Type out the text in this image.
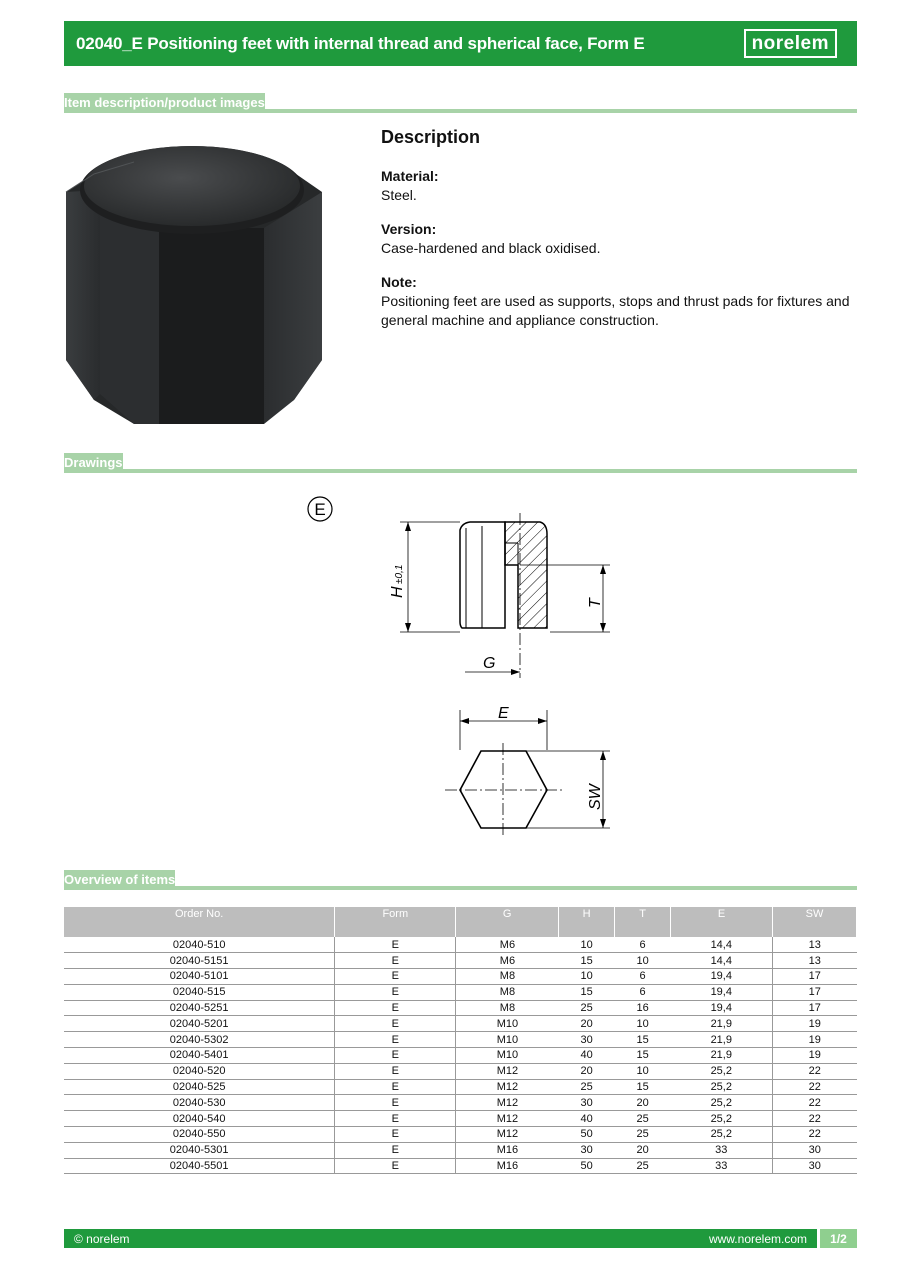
02040_E Positioning feet with internal thread and spherical face, Form E	norelem
Item description/product images
Description
Material:
Steel.
Version:
Case-hardened and black oxidised.
Note:
Positioning feet are used as supports, stops and thrust pads for fixtures and general machine and appliance construction.
Drawings
E
H
±0,1
T
G
E
SW
Overview of items
Order No.	Form	G	H	T	E	SW
02040-510	E	M6	10	6	14,4	13
02040-5151	E	M6	15	10	14,4	13
02040-5101	E	M8	10	6	19,4	17
02040-515	E	M8	15	6	19,4	17
02040-5251	E	M8	25	16	19,4	17
02040-5201	E	M10	20	10	21,9	19
02040-5302	E	M10	30	15	21,9	19
02040-5401	E	M10	40	15	21,9	19
02040-520	E	M12	20	10	25,2	22
02040-525	E	M12	25	15	25,2	22
02040-530	E	M12	30	20	25,2	22
02040-540	E	M12	40	25	25,2	22
02040-550	E	M12	50	25	25,2	22
02040-5301	E	M16	30	20	33	30
02040-5501	E	M16	50	25	33	30
© norelem	www.norelem.com	1/2
